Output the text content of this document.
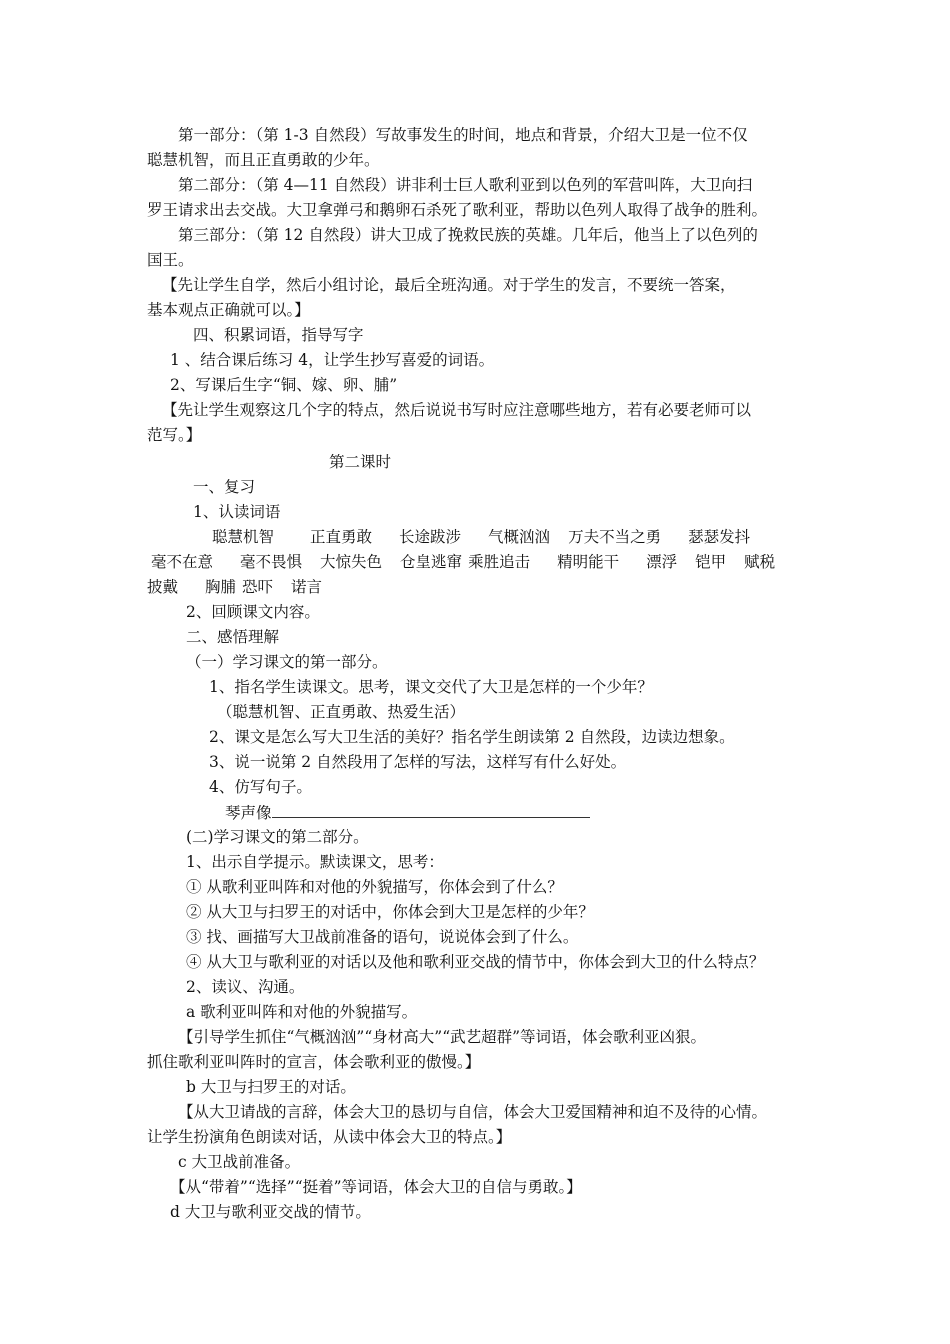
第一部分：（第 1-3 自然段）写故事发生的时间，地点和背景，介绍大卫是一位不仅
聪慧机智，而且正直勇敢的少年。
第二部分：（第 4—11 自然段）讲非利士巨人歌利亚到以色列的军营叫阵，大卫向扫
罗王请求出去交战。大卫拿弹弓和鹅卵石杀死了歌利亚，帮助以色列人取得了战争的胜利。
第三部分：（第 12 自然段）讲大卫成了挽救民族的英雄。几年后，他当上了以色列的
国王。
【先让学生自学，然后小组讨论，最后全班沟通。对于学生的发言，不要统一答案，
基本观点正确就可以。】
四、积累词语，指导写字
1 、结合课后练习 4，让学生抄写喜爱的词语。
2、写课后生字“铜、嫁、卵、脯”
【先让学生观察这几个字的特点，然后说说书写时应注意哪些地方，若有必要老师可以
范写。】
第二课时
一、复习
1、认读词语
聪慧机智 正直勇敢 长途跋涉 气概汹汹 万夫不当之勇 瑟瑟发抖
毫不在意 毫不畏惧 大惊失色 仓皇逃窜 乘胜追击 精明能干 漂浮 铠甲 赋税
披戴 胸脯 恐吓 诺言
2、回顾课文内容。
二、感悟理解
（一）学习课文的第一部分。
1、指名学生读课文。思考，课文交代了大卫是怎样的一个少年？
（聪慧机智、正直勇敢、热爱生活）
2、课文是怎么写大卫生活的美好？指名学生朗读第 2 自然段，边读边想象。
3、说一说第 2 自然段用了怎样的写法，这样写有什么好处。
4、仿写句子。
琴声像
(二)学习课文的第二部分。
1、出示自学提示。默读课文，思考：
① 从歌利亚叫阵和对他的外貌描写，你体会到了什么？
② 从大卫与扫罗王的对话中，你体会到大卫是怎样的少年？
③ 找、画描写大卫战前准备的语句，说说体会到了什么。
④ 从大卫与歌利亚的对话以及他和歌利亚交战的情节中，你体会到大卫的什么特点？
2、读议、沟通。
a 歌利亚叫阵和对他的外貌描写。
【引导学生抓住“气概汹汹”“身材高大”“武艺超群”等词语，体会歌利亚凶狠。
抓住歌利亚叫阵时的宣言，体会歌利亚的傲慢。】
b 大卫与扫罗王的对话。
【从大卫请战的言辞，体会大卫的恳切与自信，体会大卫爱国精神和迫不及待的心情。
让学生扮演角色朗读对话，从读中体会大卫的特点。】
c 大卫战前准备。
【从“带着”“选择”“挺着”等词语，体会大卫的自信与勇敢。】
d 大卫与歌利亚交战的情节。
